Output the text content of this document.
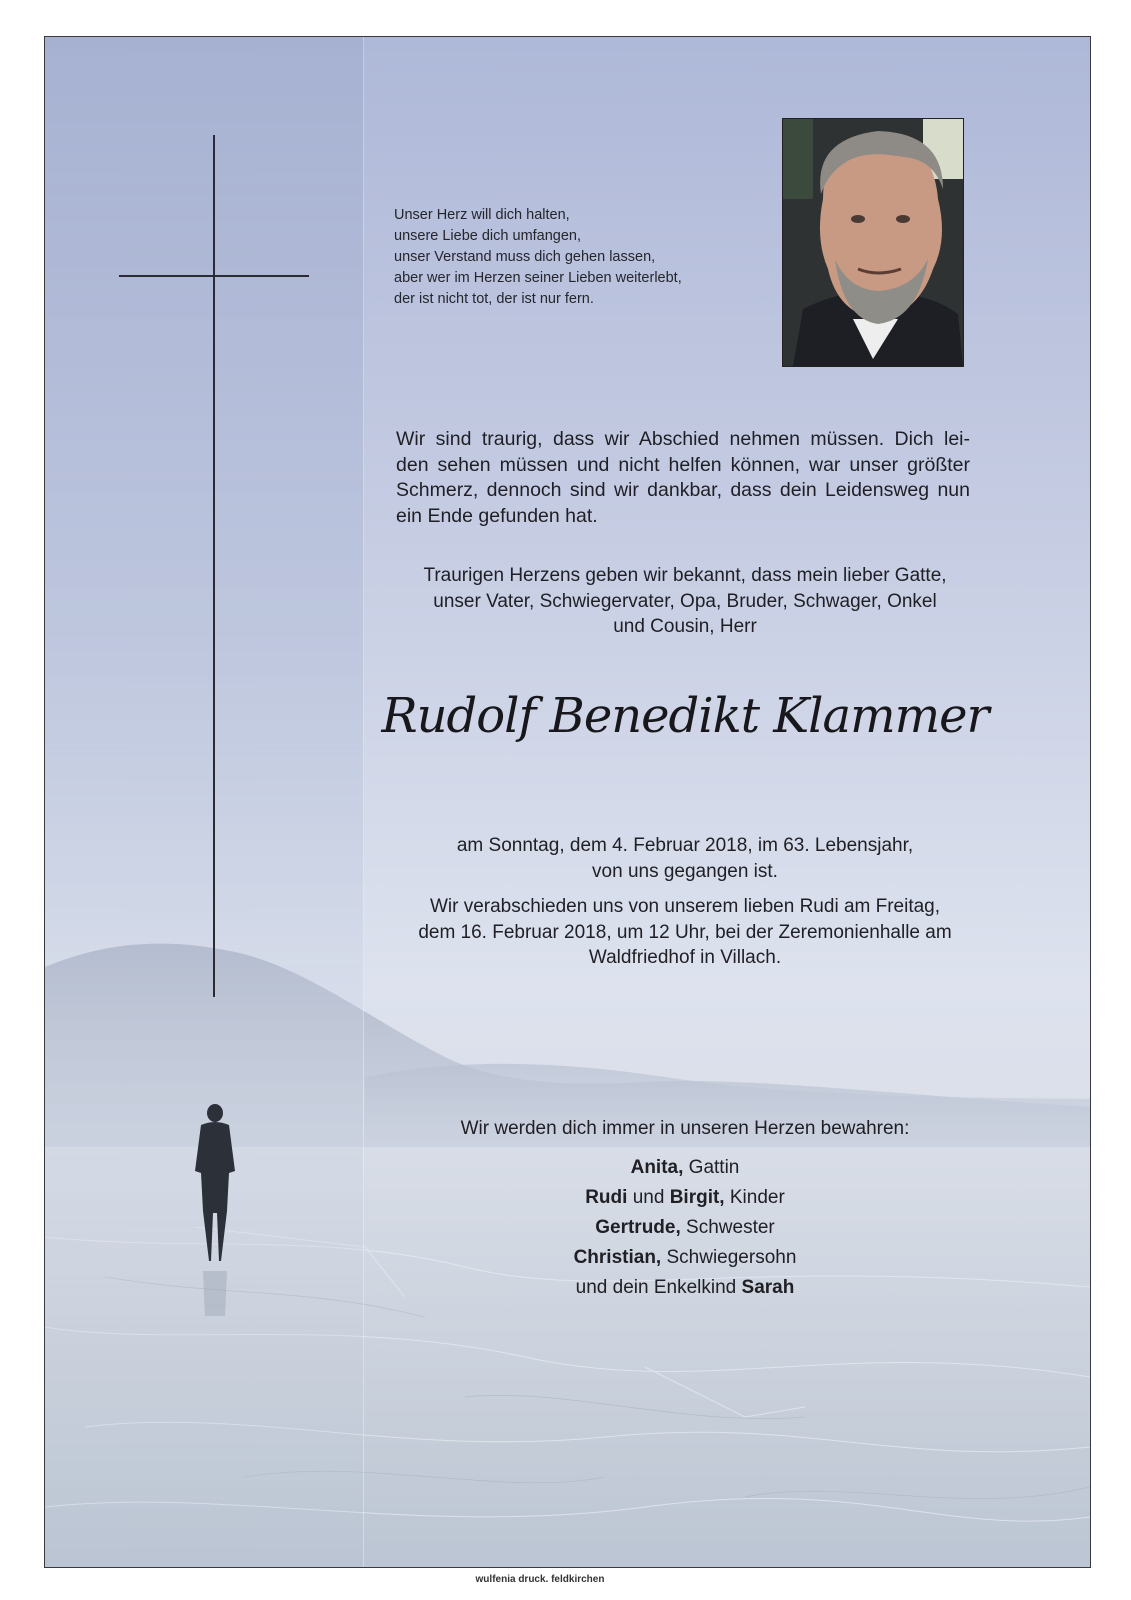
Unser Herz will dich halten,
unsere Liebe dich umfangen,
unser Verstand muss dich gehen lassen,
aber wer im Herzen seiner Lieben weiterlebt,
der ist nicht tot, der ist nur fern.
Wir sind traurig, dass wir Abschied nehmen müssen. Dich lei-
den sehen müssen und nicht helfen können, war unser größter
Schmerz, dennoch sind wir dankbar, dass dein Leidensweg nun
ein Ende gefunden hat.
Traurigen Herzens geben wir bekannt, dass mein lieber Gatte,
unser Vater, Schwiegervater, Opa, Bruder, Schwager, Onkel
und Cousin, Herr
Rudolf Benedikt Klammer
am Sonntag, dem 4. Februar 2018, im 63. Lebensjahr,
von uns gegangen ist.
Wir verabschieden uns von unserem lieben Rudi am Freitag,
dem 16. Februar 2018, um 12 Uhr, bei der Zeremonienhalle am
Waldfriedhof in Villach.
Wir werden dich immer in unseren Herzen bewahren:
Anita, Gattin
Rudi und Birgit, Kinder
Gertrude, Schwester
Christian, Schwiegersohn
und dein Enkelkind Sarah
wulfenia druck. feldkirchen
